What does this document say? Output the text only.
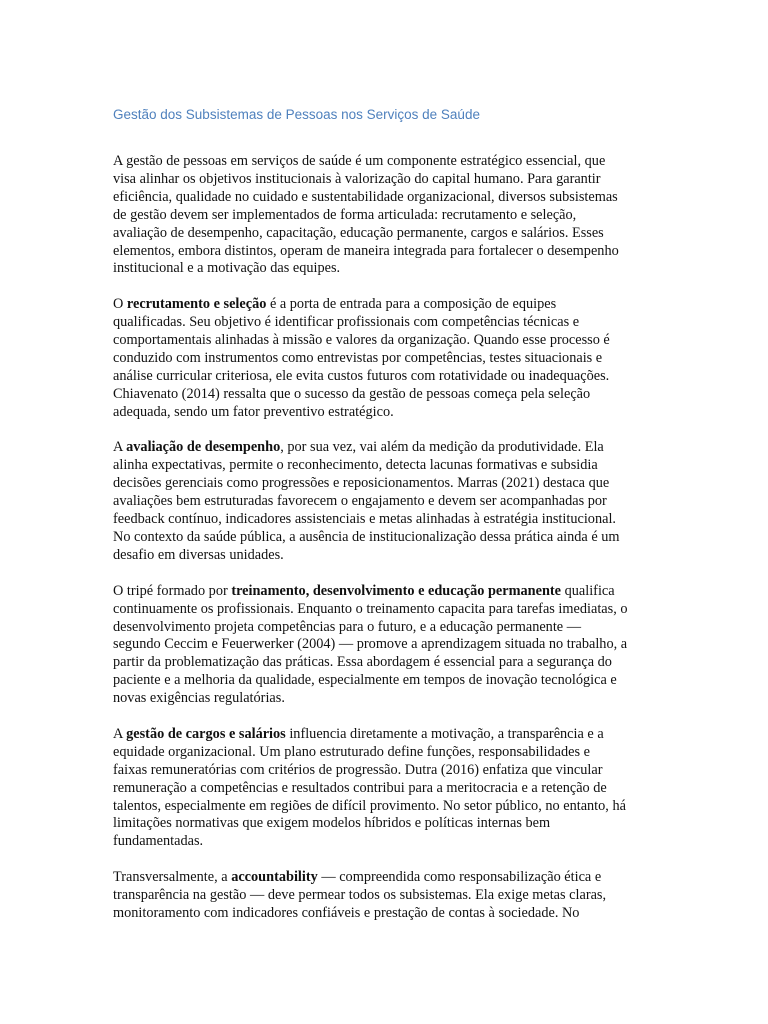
Gestão dos Subsistemas de Pessoas nos Serviços de Saúde
A gestão de pessoas em serviços de saúde é um componente estratégico essencial, que
visa alinhar os objetivos institucionais à valorização do capital humano. Para garantir
eficiência, qualidade no cuidado e sustentabilidade organizacional, diversos subsistemas
de gestão devem ser implementados de forma articulada: recrutamento e seleção,
avaliação de desempenho, capacitação, educação permanente, cargos e salários. Esses
elementos, embora distintos, operam de maneira integrada para fortalecer o desempenho
institucional e a motivação das equipes.
O recrutamento e seleção é a porta de entrada para a composição de equipes
qualificadas. Seu objetivo é identificar profissionais com competências técnicas e
comportamentais alinhadas à missão e valores da organização. Quando esse processo é
conduzido com instrumentos como entrevistas por competências, testes situacionais e
análise curricular criteriosa, ele evita custos futuros com rotatividade ou inadequações.
Chiavenato (2014) ressalta que o sucesso da gestão de pessoas começa pela seleção
adequada, sendo um fator preventivo estratégico.
A avaliação de desempenho, por sua vez, vai além da medição da produtividade. Ela
alinha expectativas, permite o reconhecimento, detecta lacunas formativas e subsidia
decisões gerenciais como progressões e reposicionamentos. Marras (2021) destaca que
avaliações bem estruturadas favorecem o engajamento e devem ser acompanhadas por
feedback contínuo, indicadores assistenciais e metas alinhadas à estratégia institucional.
No contexto da saúde pública, a ausência de institucionalização dessa prática ainda é um
desafio em diversas unidades.
O tripé formado por treinamento, desenvolvimento e educação permanente qualifica
continuamente os profissionais. Enquanto o treinamento capacita para tarefas imediatas, o
desenvolvimento projeta competências para o futuro, e a educação permanente —
segundo Ceccim e Feuerwerker (2004) — promove a aprendizagem situada no trabalho, a
partir da problematização das práticas. Essa abordagem é essencial para a segurança do
paciente e a melhoria da qualidade, especialmente em tempos de inovação tecnológica e
novas exigências regulatórias.
A gestão de cargos e salários influencia diretamente a motivação, a transparência e a
equidade organizacional. Um plano estruturado define funções, responsabilidades e
faixas remuneratórias com critérios de progressão. Dutra (2016) enfatiza que vincular
remuneração a competências e resultados contribui para a meritocracia e a retenção de
talentos, especialmente em regiões de difícil provimento. No setor público, no entanto, há
limitações normativas que exigem modelos híbridos e políticas internas bem
fundamentadas.
Transversalmente, a accountability — compreendida como responsabilização ética e
transparência na gestão — deve permear todos os subsistemas. Ela exige metas claras,
monitoramento com indicadores confiáveis e prestação de contas à sociedade. No
